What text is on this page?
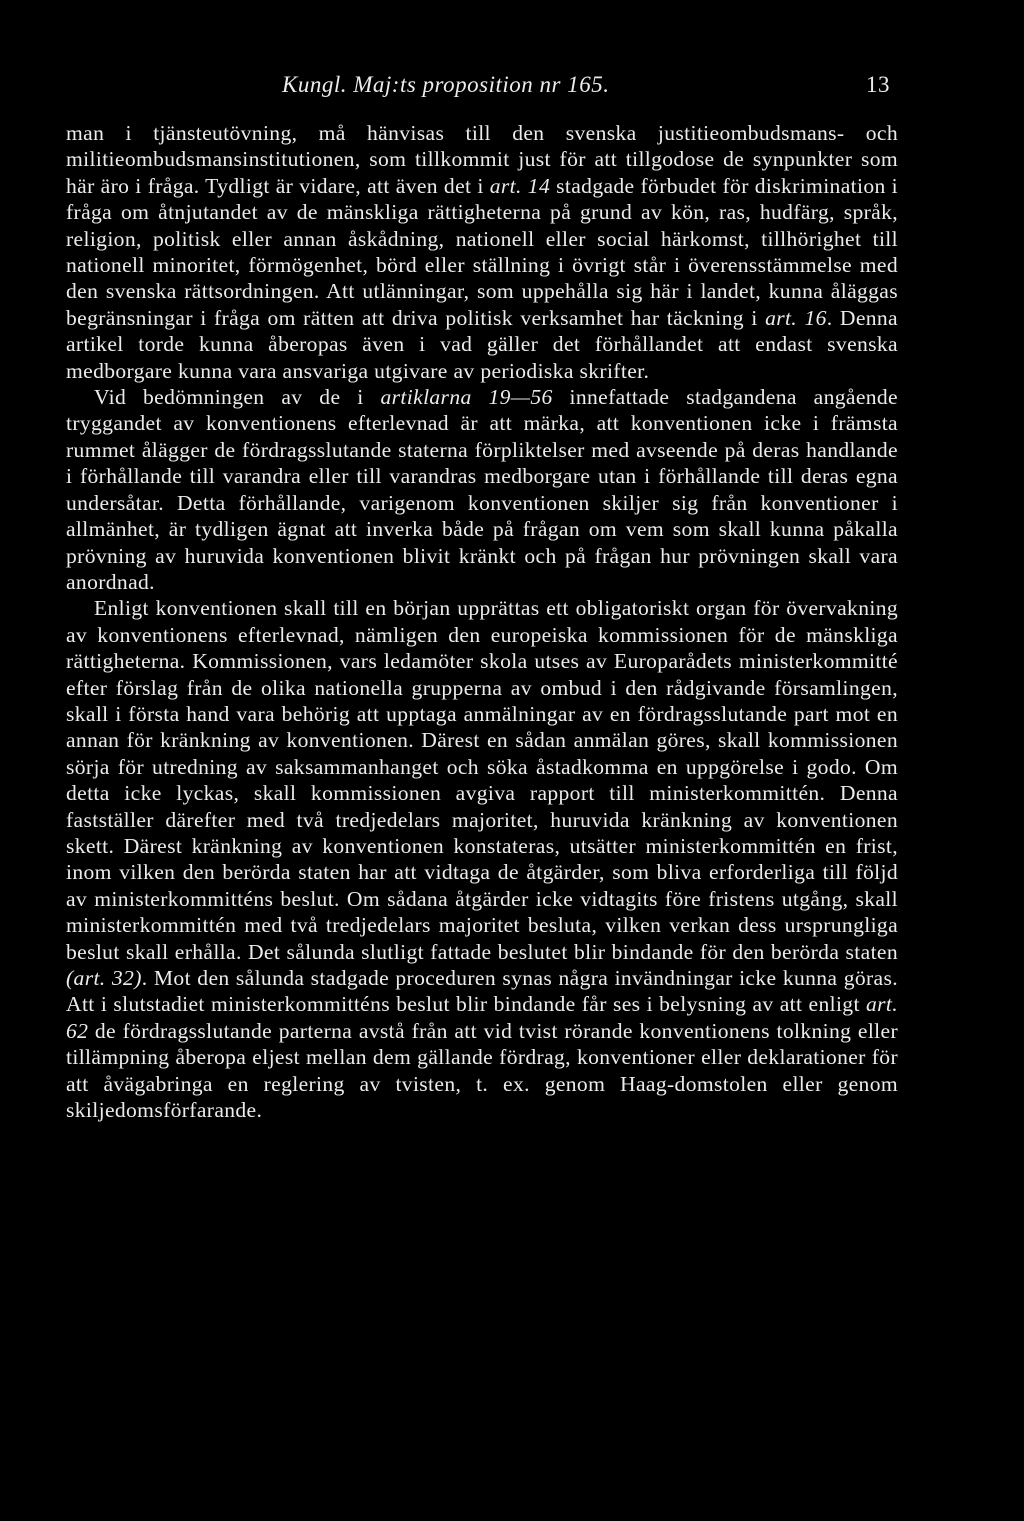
Kungl. Maj:ts proposition nr 165.	13

man i tjänsteutövning, må hänvisas till den svenska justitieombudsmans- och militieombudsmansinstitutionen, som tillkommit just för att tillgodose de synpunkter som här äro i fråga. Tydligt är vidare, att även det i art. 14 stadgade förbudet för diskrimination i fråga om åtnjutandet av de mänskliga rättigheterna på grund av kön, ras, hudfärg, språk, religion, politisk eller annan åskådning, nationell eller social härkomst, tillhörighet till nationell minoritet, förmögenhet, börd eller ställning i övrigt står i överensstämmelse med den svenska rättsordningen. Att utlänningar, som uppehålla sig här i landet, kunna åläggas begränsningar i fråga om rätten att driva politisk verksamhet har täckning i art. 16. Denna artikel torde kunna åberopas även i vad gäller det förhållandet att endast svenska medborgare kunna vara ansvariga utgivare av periodiska skrifter.

Vid bedömningen av de i artiklarna 19—56 innefattade stadgandena angående tryggandet av konventionens efterlevnad är att märka, att konventionen icke i främsta rummet ålägger de fördragsslutande staterna förpliktelser med avseende på deras handlande i förhållande till varandra eller till varandras medborgare utan i förhållande till deras egna undersåtar. Detta förhållande, varigenom konventionen skiljer sig från konventioner i allmänhet, är tydligen ägnat att inverka både på frågan om vem som skall kunna påkalla prövning av huruvida konventionen blivit kränkt och på frågan hur prövningen skall vara anordnad.

Enligt konventionen skall till en början upprättas ett obligatoriskt organ för övervakning av konventionens efterlevnad, nämligen den europeiska kommissionen för de mänskliga rättigheterna. Kommissionen, vars ledamöter skola utses av Europarådets ministerkommitté efter förslag från de olika nationella grupperna av ombud i den rådgivande församlingen, skall i första hand vara behörig att upptaga anmälningar av en fördragsslutande part mot en annan för kränkning av konventionen. Därest en sådan anmälan göres, skall kommissionen sörja för utredning av saksammanhanget och söka åstadkomma en uppgörelse i godo. Om detta icke lyckas, skall kommissionen avgiva rapport till ministerkommittén. Denna fastställer därefter med två tredjedelars majoritet, huruvida kränkning av konventionen skett. Därest kränkning av konventionen konstateras, utsätter ministerkommittén en frist, inom vilken den berörda staten har att vidtaga de åtgärder, som bliva erforderliga till följd av ministerkommitténs beslut. Om sådana åtgärder icke vidtagits före fristens utgång, skall ministerkommittén med två tredjedelars majoritet besluta, vilken verkan dess ursprungliga beslut skall erhålla. Det sålunda slutligt fattade beslutet blir bindande för den berörda staten (art. 32). Mot den sålunda stadgade proceduren synas några invändningar icke kunna göras. Att i slutstadiet ministerkommitténs beslut blir bindande får ses i belysning av att enligt art. 62 de fördragsslutande parterna avstå från att vid tvist rörande konventionens tolkning eller tillämpning åberopa eljest mellan dem gällande fördrag, konventioner eller deklarationer för att åvägabringa en reglering av tvisten, t. ex. genom Haag-domstolen eller genom skiljedomsförfarande.
